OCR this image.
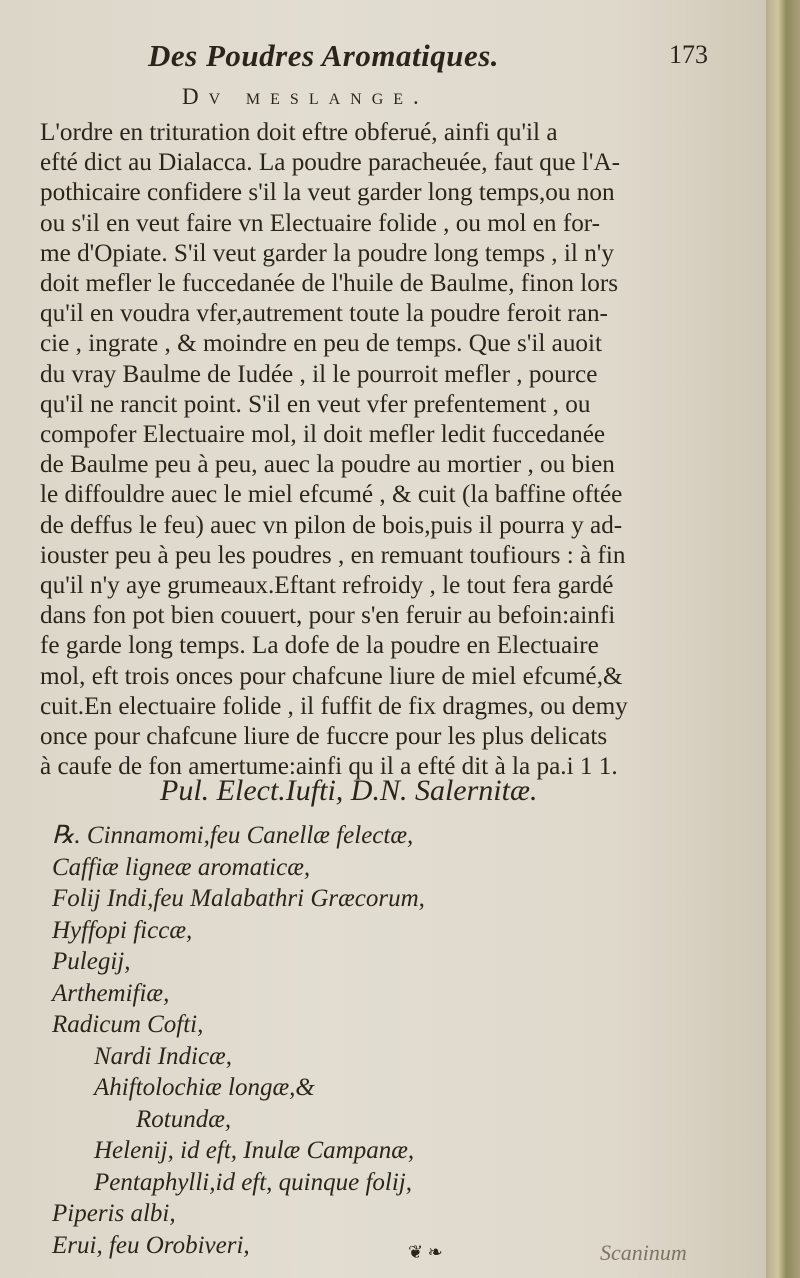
Des Poudres Aromatiques.	173
Dv meslange.
L'ordre en trituration doit eftre obferué, ainfi qu'il a
efté dict au Dialacca. La poudre paracheuée, faut que l'A-
pothicaire confidere s'il la veut garder long temps,ou non
ou s'il en veut faire vn Electuaire folide , ou mol en for-
me d'Opiate. S'il veut garder la poudre long temps , il n'y
doit mefler le fuccedanée de l'huile de Baulme, finon lors
qu'il en voudra vfer,autrement toute la poudre feroit ran-
cie , ingrate , & moindre en peu de temps. Que s'il auoit
du vray Baulme de Iudée , il le pourroit mefler , pource
qu'il ne rancit point. S'il en veut vfer prefentement , ou
compofer Electuaire mol, il doit mefler ledit fuccedanée
de Baulme peu à peu, auec la poudre au mortier , ou bien
le diffouldre auec le miel efcumé , & cuit (la baffine oftée
de deffus le feu) auec vn pilon de bois,puis il pourra y ad-
iouster peu à peu les poudres , en remuant toufiours : à fin
qu'il n'y aye grumeaux.Eftant refroidy , le tout fera gardé
dans fon pot bien couuert, pour s'en feruir au befoin:ainfi
fe garde long temps. La dofe de la poudre en Electuaire
mol, eft trois onces pour chafcune liure de miel efcumé,&
cuit.En electuaire folide , il fuffit de fix dragmes, ou demy
once pour chafcune liure de fuccre pour les plus delicats
à caufe de fon amertume:ainfi qu il a efté dit à la pa.i 1 1.
Pul. Elect.Iufti, D.N. Salernitæ.
℞. Cinnamomi,feu Canellæ felectæ,
Caffiæ ligneæ aromaticæ,
Folij Indi,feu Malabathri Græcorum,
Hyffopi ficcæ,
Pulegij,
Arthemifiæ,
Radicum Cofti,
Nardi Indicæ,
Ahiftolochiæ longæ,&
Rotundæ,
Helenij, id eft, Inulæ Campanæ,
Pentaphylli,id eft, quinque folij,
Piperis albi,
Erui, feu Orobiveri,	❦ ❧	Scaninum
